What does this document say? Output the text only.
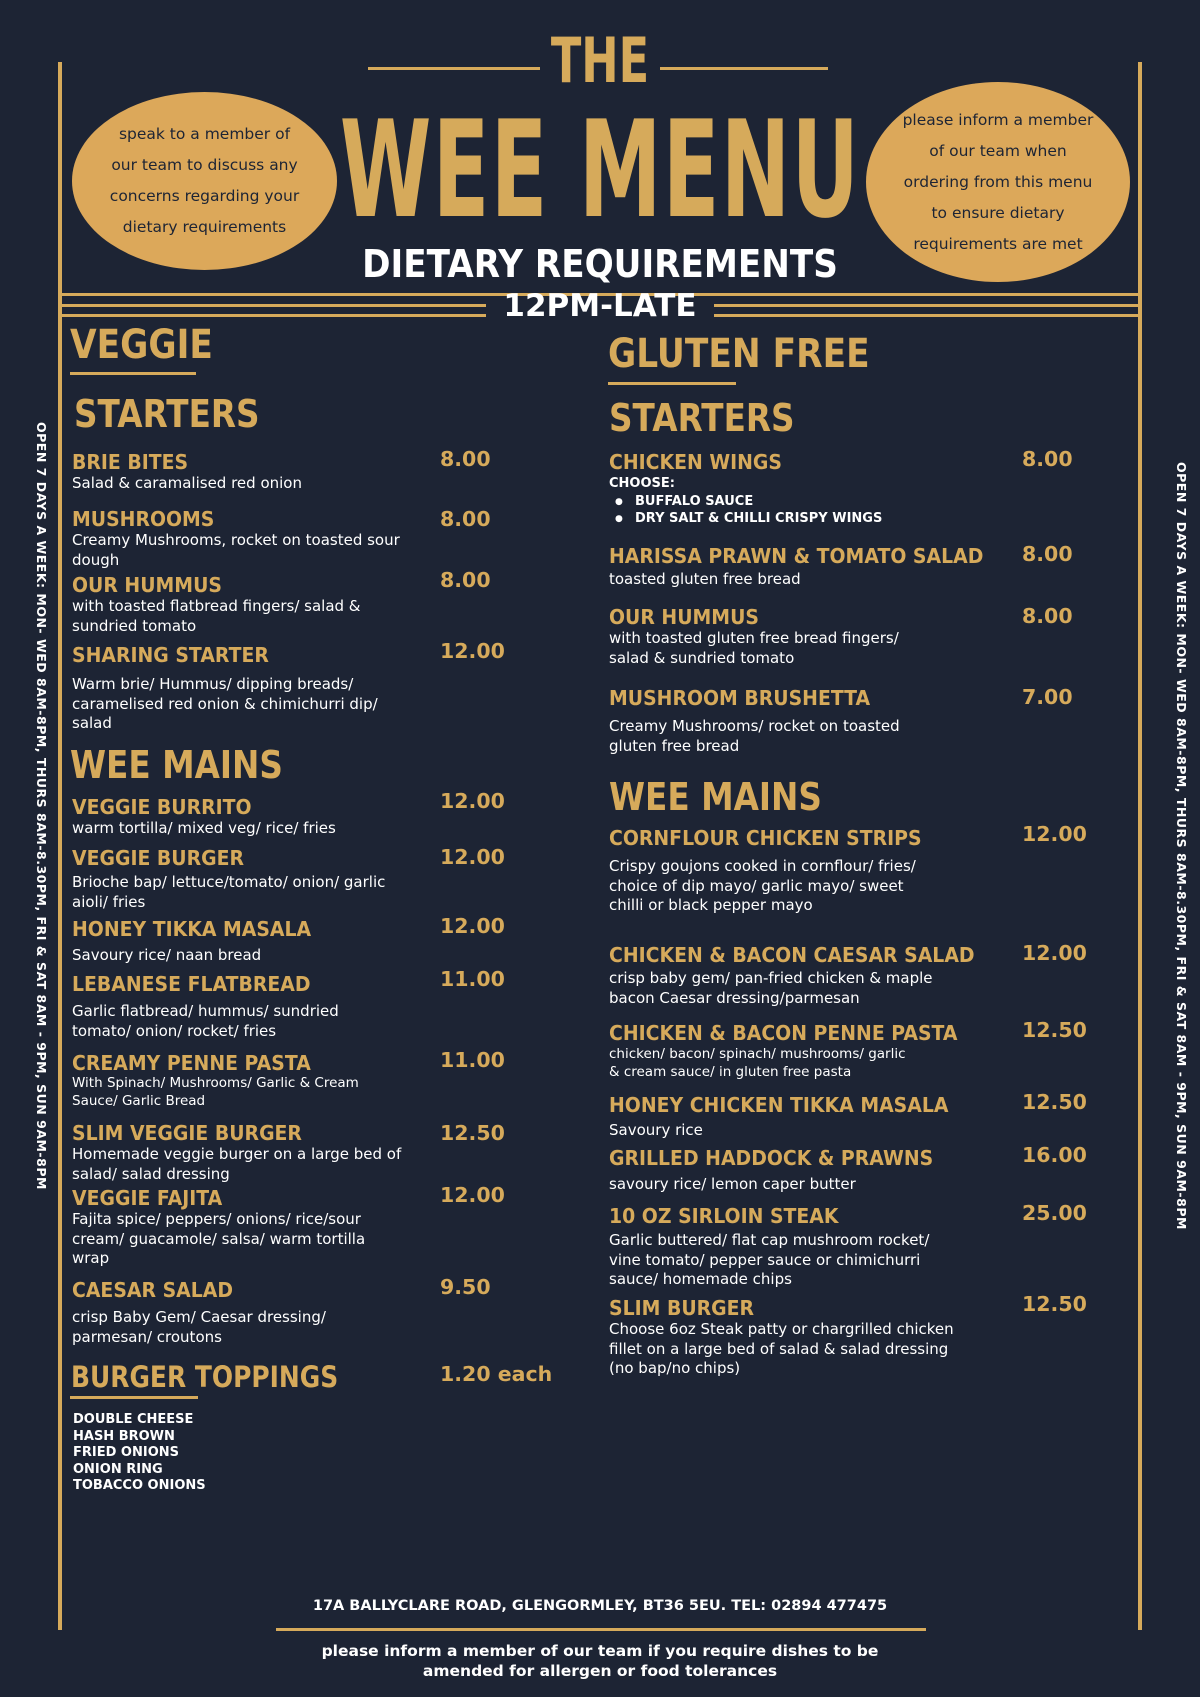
THE
WEE MENU
DIETARY REQUIREMENTS
12PM-LATE
speak to a member of our team to discuss any concerns regarding your dietary requirements
please inform a member of our team when ordering from this menu to ensure dietary requirements are met
OPEN 7 DAYS A WEEK: MON- WED 8AM-8PM, THURS 8AM-8.30PM, FRI & SAT 8AM - 9PM, SUN 9AM-8PM	OPEN 7 DAYS A WEEK: MON- WED 8AM-8PM, THURS 8AM-8.30PM, FRI & SAT 8AM - 9PM, SUN 9AM-8PM
VEGGIE
STARTERS
BRIE BITES
Salad & caramalised red onion
8.00
MUSHROOMS
Creamy Mushrooms, rocket on toasted sour dough
8.00
OUR HUMMUS
with toasted flatbread fingers/ salad & sundried tomato
8.00
SHARING STARTER
Warm brie/ Hummus/ dipping breads/ caramelised red onion & chimichurri dip/ salad
12.00
WEE MAINS
VEGGIE BURRITO
warm tortilla/ mixed veg/ rice/ fries
12.00
VEGGIE BURGER
Brioche bap/ lettuce/tomato/ onion/ garlic aioli/ fries
12.00
HONEY TIKKA MASALA
Savoury rice/ naan bread
12.00
LEBANESE FLATBREAD
Garlic flatbread/ hummus/ sundried tomato/ onion/ rocket/ fries
11.00
CREAMY PENNE PASTA
With Spinach/ Mushrooms/ Garlic & Cream Sauce/ Garlic Bread
11.00
SLIM VEGGIE BURGER
Homemade veggie burger on a large bed of salad/ salad dressing
12.50
VEGGIE FAJITA
Fajita spice/ peppers/ onions/ rice/sour cream/ guacamole/ salsa/ warm tortilla wrap
12.00
CAESAR SALAD
crisp Baby Gem/ Caesar dressing/ parmesan/ croutons
9.50
BURGER TOPPINGS	1.20 each
DOUBLE CHEESE
HASH BROWN
FRIED ONIONS
ONION RING
TOBACCO ONIONS
GLUTEN FREE
STARTERS
CHICKEN WINGS
CHOOSE:
● BUFFALO SAUCE
● DRY SALT & CHILLI CRISPY WINGS
8.00
HARISSA PRAWN & TOMATO SALAD
toasted gluten free bread
8.00
OUR HUMMUS
with toasted gluten free bread fingers/ salad & sundried tomato
8.00
MUSHROOM BRUSHETTA
Creamy Mushrooms/ rocket on toasted gluten free bread
7.00
WEE MAINS
CORNFLOUR CHICKEN STRIPS
Crispy goujons cooked in cornflour/ fries/ choice of dip mayo/ garlic mayo/ sweet chilli or black pepper mayo
12.00
CHICKEN & BACON CAESAR SALAD
crisp baby gem/ pan-fried chicken & maple bacon Caesar dressing/parmesan
12.00
CHICKEN & BACON PENNE PASTA
chicken/ bacon/ spinach/ mushrooms/ garlic & cream sauce/ in gluten free pasta
12.50
HONEY CHICKEN TIKKA MASALA
Savoury rice
12.50
GRILLED HADDOCK & PRAWNS
savoury rice/ lemon caper butter
16.00
10 OZ SIRLOIN STEAK
Garlic buttered/ flat cap mushroom rocket/ vine tomato/ pepper sauce or chimichurri sauce/ homemade chips
25.00
SLIM BURGER
Choose 6oz Steak patty or chargrilled chicken fillet on a large bed of salad & salad dressing (no bap/no chips)
12.50
17A BALLYCLARE ROAD, GLENGORMLEY, BT36 5EU. TEL: 02894 477475
please inform a member of our team if you require dishes to be amended for allergen or food tolerances
